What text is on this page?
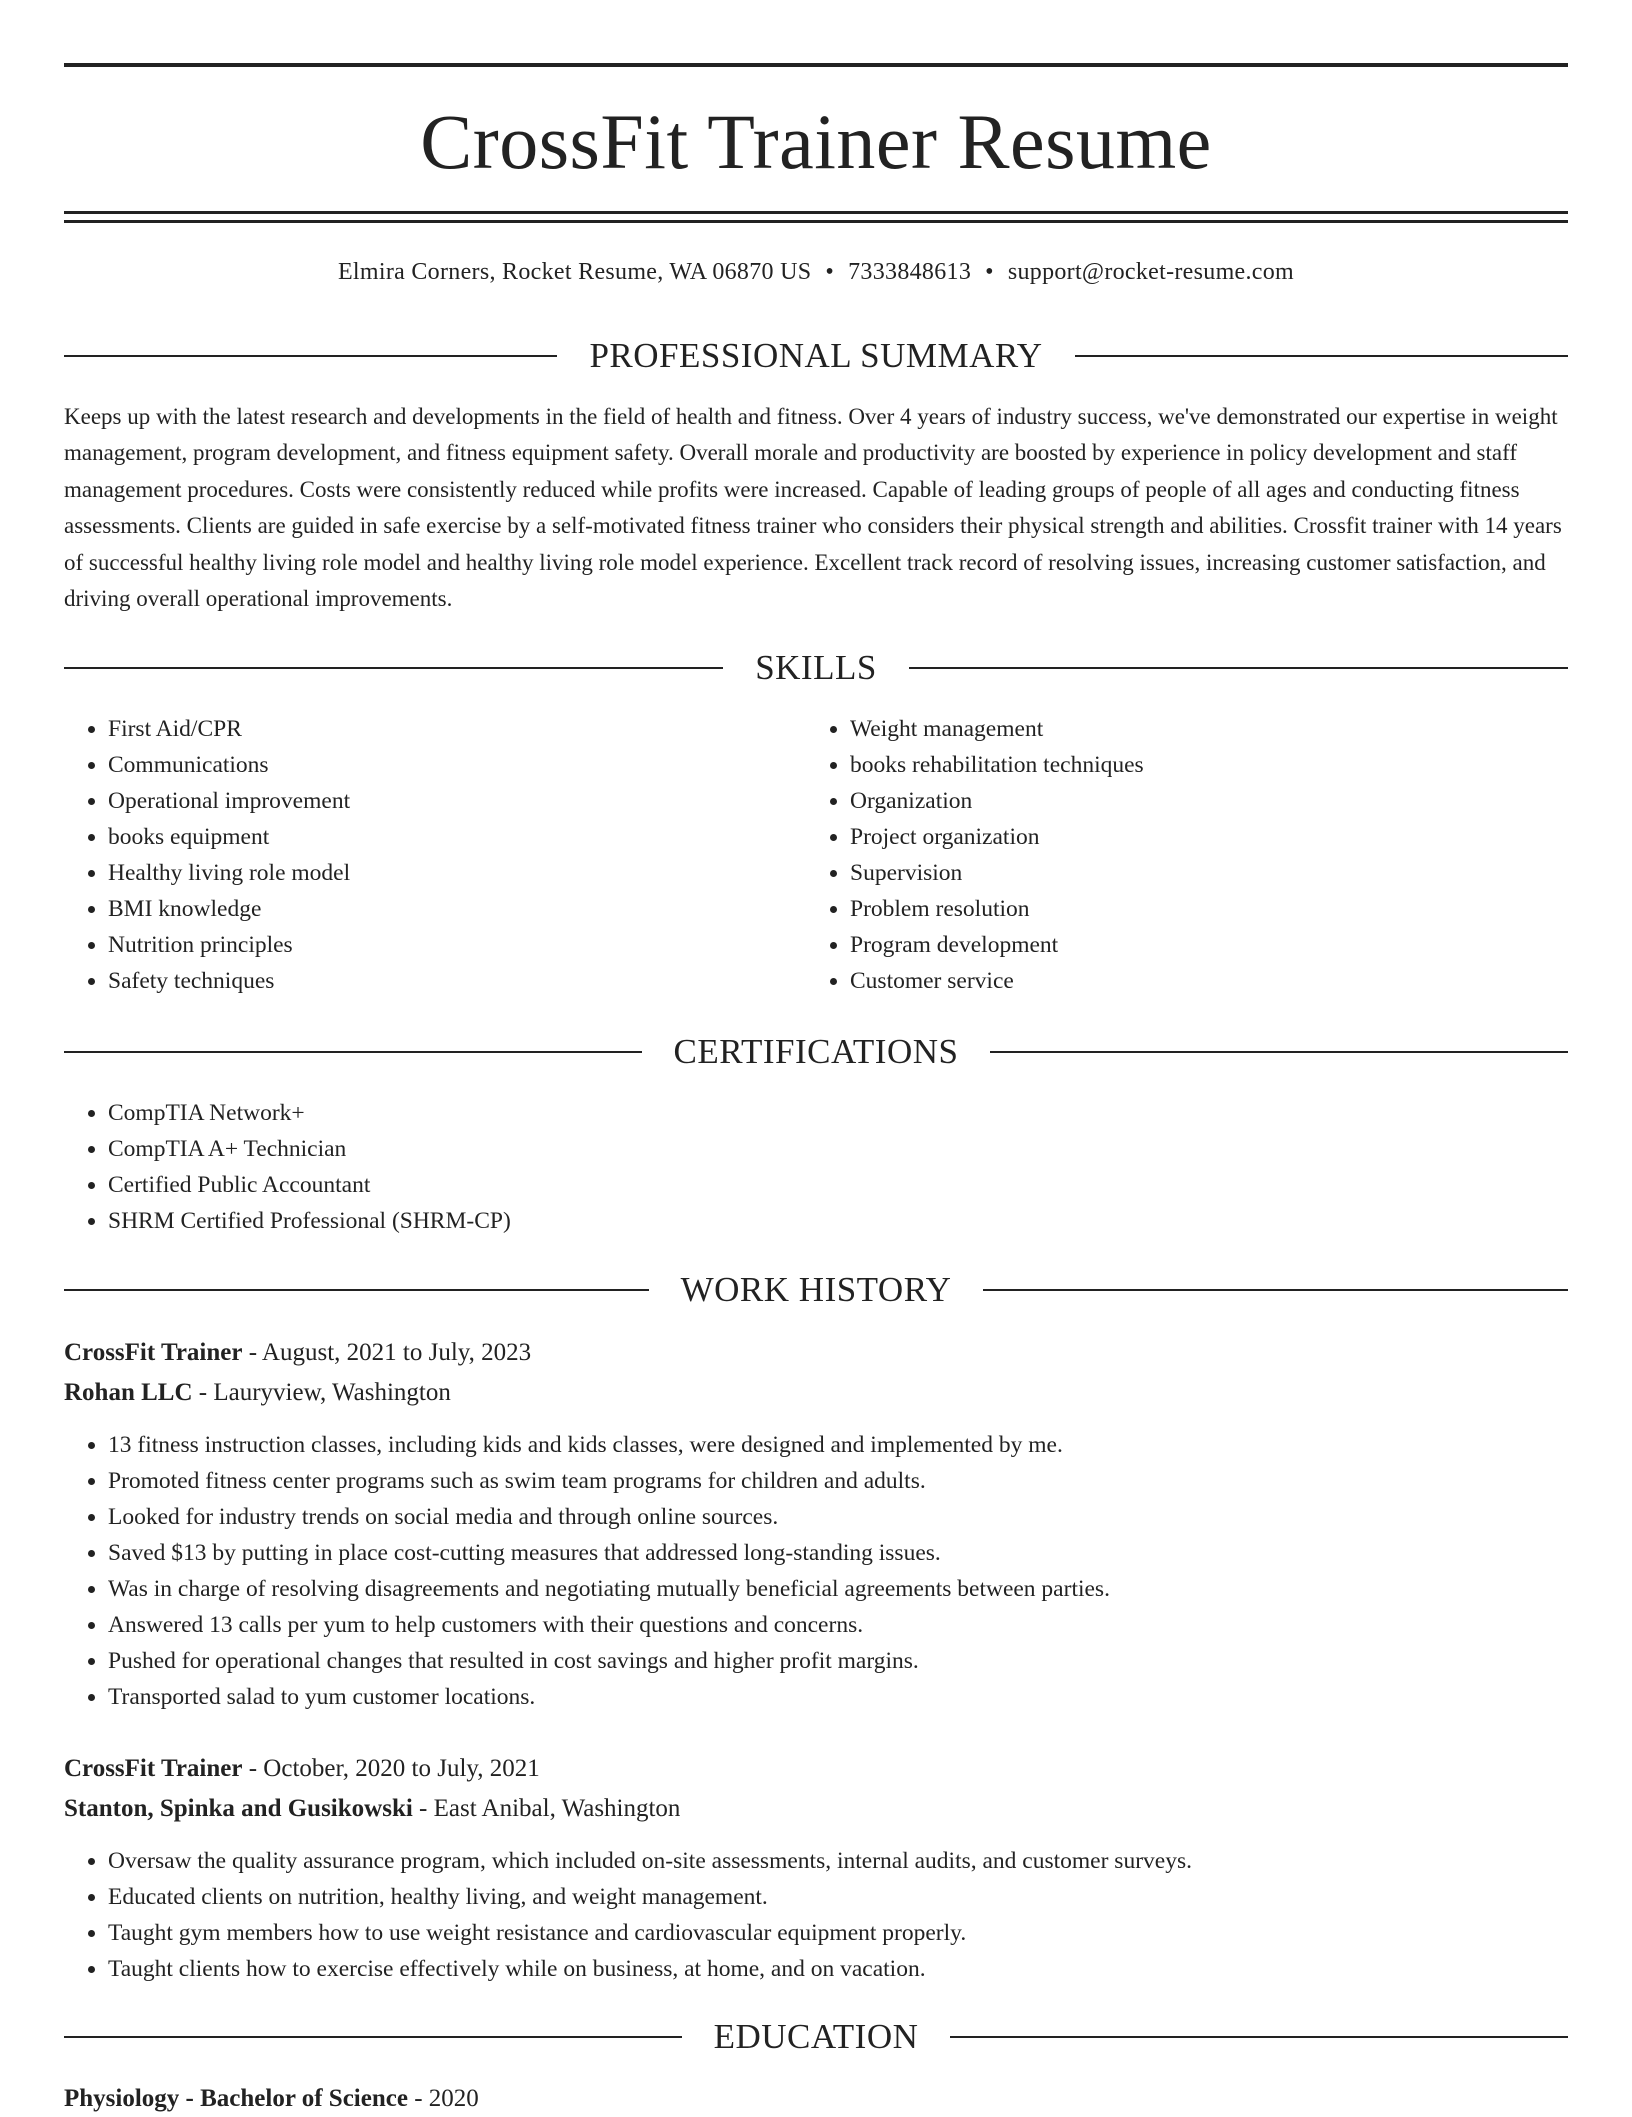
CrossFit Trainer Resume
Elmira Corners, Rocket Resume, WA 06870 US • 7333848613 • support@rocket-resume.com
PROFESSIONAL SUMMARY

Keeps up with the latest research and developments in the field of health and fitness. Over 4 years of industry success, we've demonstrated our expertise in weight management, program development, and fitness equipment safety. Overall morale and productivity are boosted by experience in policy development and staff management procedures. Costs were consistently reduced while profits were increased. Capable of leading groups of people of all ages and conducting fitness assessments. Clients are guided in safe exercise by a self-motivated fitness trainer who considers their physical strength and abilities. Crossfit trainer with 14 years of successful healthy living role model and healthy living role model experience. Excellent track record of resolving issues, increasing customer satisfaction, and driving overall operational improvements.

SKILLS
• First Aid/CPR
• Communications
• Operational improvement
• books equipment
• Healthy living role model
• BMI knowledge
• Nutrition principles
• Safety techniques
• Weight management
• books rehabilitation techniques
• Organization
• Project organization
• Supervision
• Problem resolution
• Program development
• Customer service
CERTIFICATIONS
• CompTIA Network+
• CompTIA A+ Technician
• Certified Public Accountant
• SHRM Certified Professional (SHRM-CP)
WORK HISTORY
CrossFit Trainer - August, 2021 to July, 2023
Rohan LLC - Lauryview, Washington
• 13 fitness instruction classes, including kids and kids classes, were designed and implemented by me.
• Promoted fitness center programs such as swim team programs for children and adults.
• Looked for industry trends on social media and through online sources.
• Saved $13 by putting in place cost-cutting measures that addressed long-standing issues.
• Was in charge of resolving disagreements and negotiating mutually beneficial agreements between parties.
• Answered 13 calls per yum to help customers with their questions and concerns.
• Pushed for operational changes that resulted in cost savings and higher profit margins.
• Transported salad to yum customer locations.
CrossFit Trainer - October, 2020 to July, 2021
Stanton, Spinka and Gusikowski - East Anibal, Washington
• Oversaw the quality assurance program, which included on-site assessments, internal audits, and customer surveys.
• Educated clients on nutrition, healthy living, and weight management.
• Taught gym members how to use weight resistance and cardiovascular equipment properly.
• Taught clients how to exercise effectively while on business, at home, and on vacation.
EDUCATION
Physiology - Bachelor of Science - 2020
